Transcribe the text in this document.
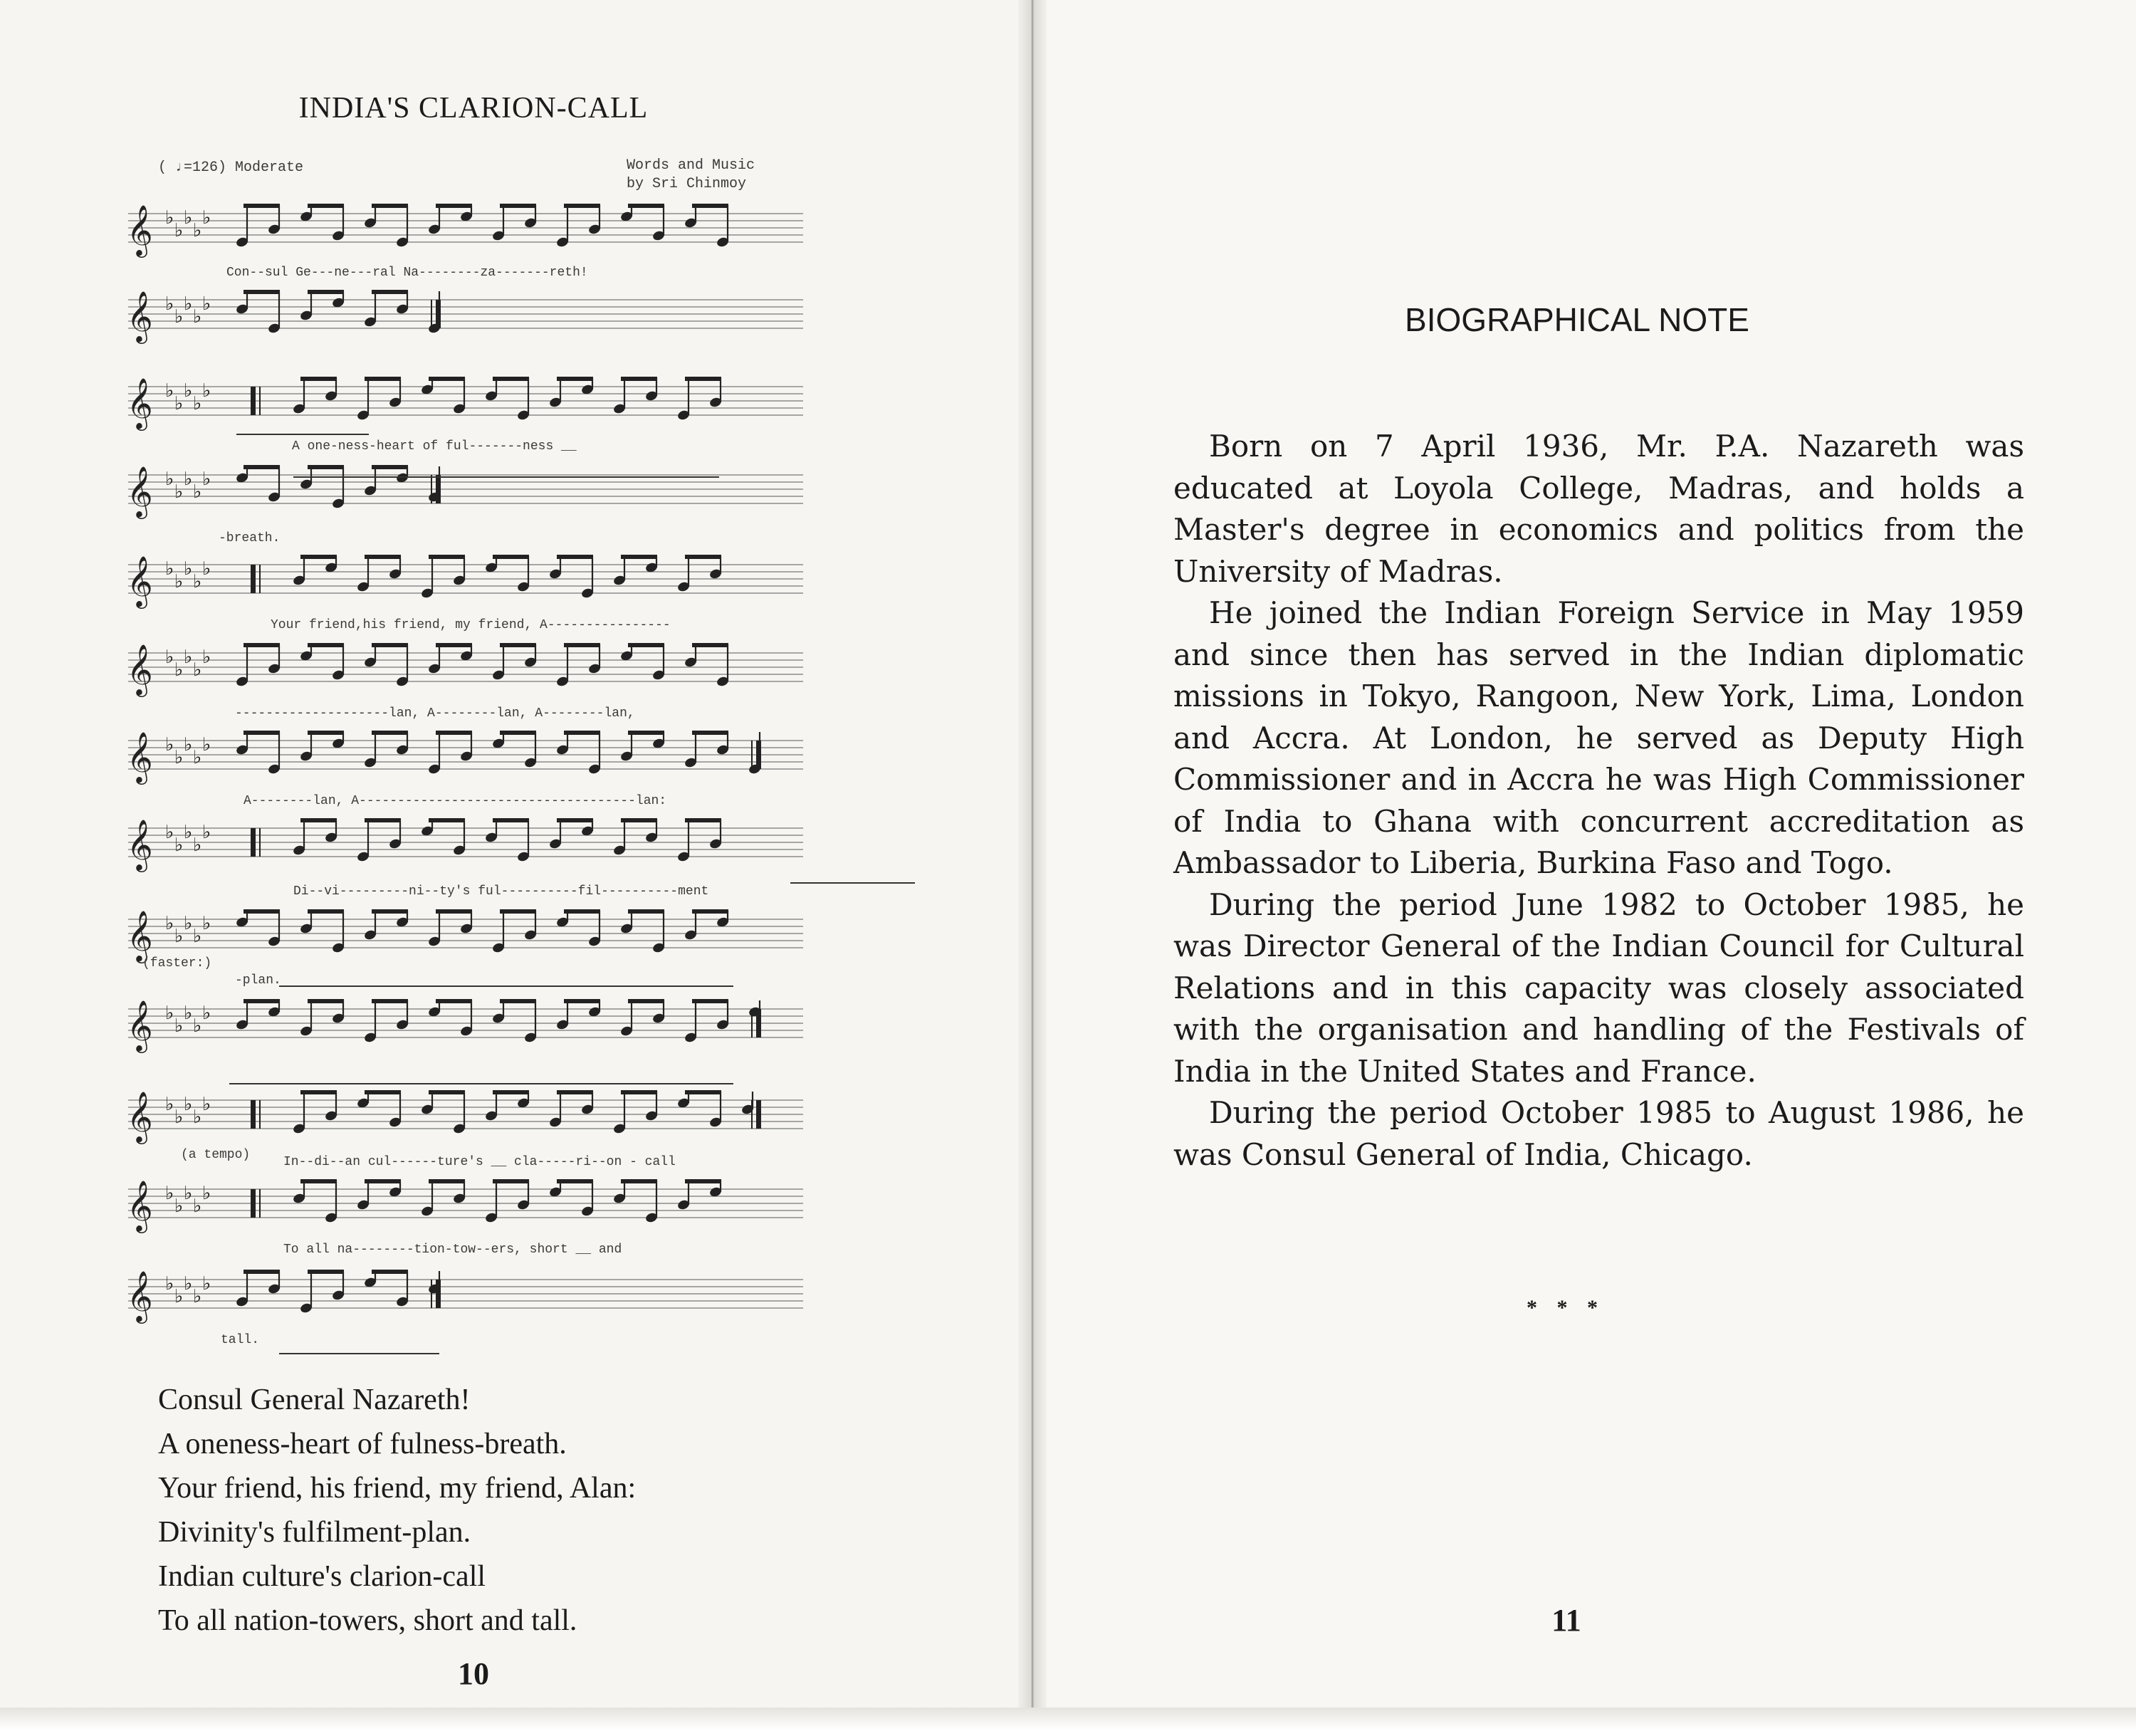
INDIA'S CLARION-CALL
( ♩=126) Moderate	Words and Music
by Sri Chinmoy
𝄞 ♭
♭
♭
♭
♭
𝄞 ♭
♭
♭
♭
♭
𝄞 ♭
♭
♭
♭
♭
𝄞 ♭
♭
♭
♭
♭
𝄞 ♭
♭
♭
♭
♭
𝄞 ♭
♭
♭
♭
♭
𝄞 ♭
♭
♭
♭
♭
𝄞 ♭
♭
♭
♭
♭
𝄞 ♭
♭
♭
♭
♭
𝄞 ♭
♭
♭
♭
♭
𝄞 ♭
♭
♭
♭
♭
𝄞 ♭
♭
♭
♭
♭
𝄞 ♭
♭
♭
♭
♭
Con--sul Ge---ne---ral Na--------za-------reth!
A one-ness-heart of ful-------ness __
-breath.
Your friend,his friend, my friend, A----------------
--------------------lan, A--------lan, A--------lan,
A--------lan, A------------------------------------lan:
Di--vi---------ni--ty's ful----------fil----------ment
(faster:)
-plan.
(a tempo)	In--di--an cul------ture's __ cla-----ri--on - call
To all na--------tion-tow--ers, short __ and
tall.
Consul General Nazareth!
A oneness-heart of fulness-breath.
Your friend, his friend, my friend, Alan:
Divinity's fulfilment-plan.
Indian culture's clarion-call
To all nation-towers, short and tall.
10
BIOGRAPHICAL NOTE

Born on 7 April 1936, Mr. P.A. Nazareth was educated at Loyola College, Madras, and holds a Master's degree in economics and politics from the University of Madras.

He joined the Indian Foreign Service in May 1959 and since then has served in the Indian diplomatic missions in Tokyo, Rangoon, New York, Lima, London and Accra. At London, he served as Deputy High Commissioner and in Accra he was High Commissioner of India to Ghana with concurrent accreditation as Ambassador to Liberia, Burkina Faso and Togo.

During the period June 1982 to October 1985, he was Director General of the Indian Council for Cultural Relations and in this capacity was closely associated with the organisation and handling of the Festivals of India in the United States and France.

During the period October 1985 to August 1986, he was Consul General of India, Chicago.

* * *
11
